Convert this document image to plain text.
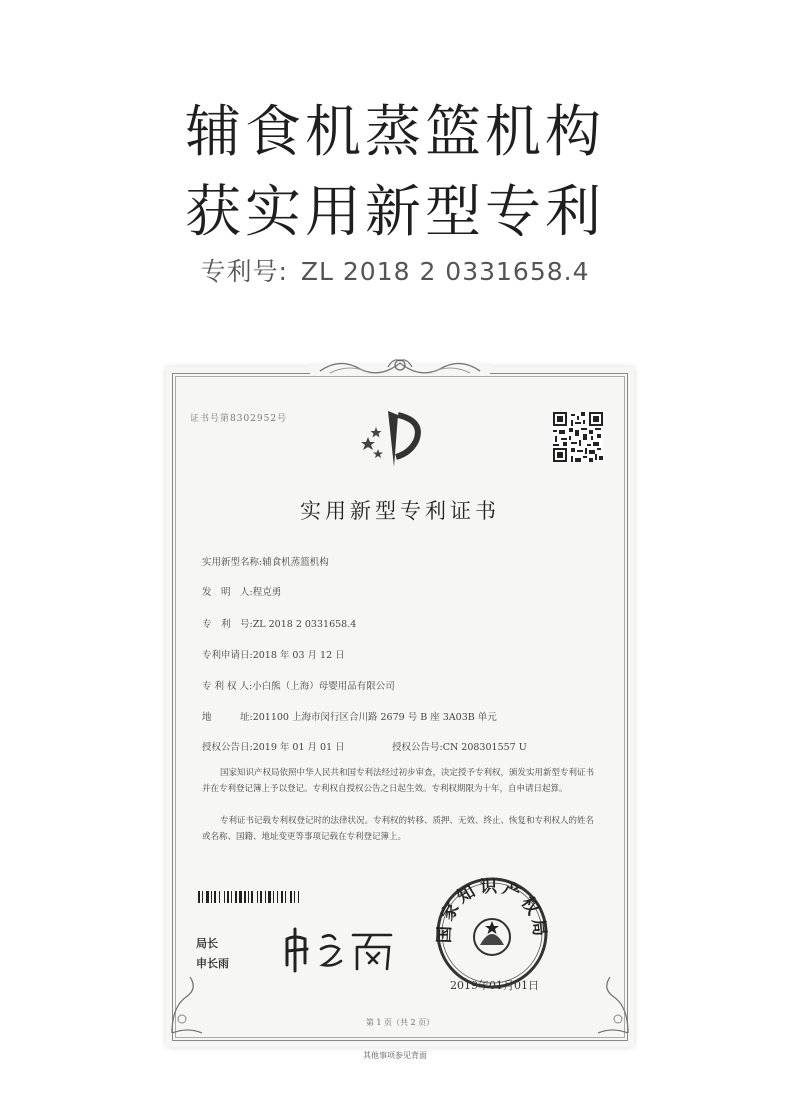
辅食机蒸篮机构
获实用新型专利
专利号: ZL 2018 2 0331658.4
证书号第8302952号
实用新型专利证书
实用新型名称:辅食机蒸篮机构
发　明　人:程克勇
专　利　号:ZL 2018 2 0331658.4
专利申请日:2018 年 03 月 12 日
专 利 权 人:小白熊（上海）母婴用品有限公司
地　　　址:201100 上海市闵行区合川路 2679 号 B 座 3A03B 单元
授权公告日:2019 年 01 月 01 日	授权公告号:CN 208301557 U
国家知识产权局依照中华人民共和国专利法经过初步审查，决定授予专利权，颁发实用新型专利证书并在专利登记簿上予以登记。专利权自授权公告之日起生效。专利权期限为十年，自申请日起算。
专利证书记载专利权登记时的法律状况。专利权的转移、质押、无效、终止、恢复和专利权人的姓名或名称、国籍、地址变更等事项记载在专利登记簿上。
局长
申长雨
国家知识产权局
2019年01月01日
第 1 页（共 2 页）
其他事项参见背面
